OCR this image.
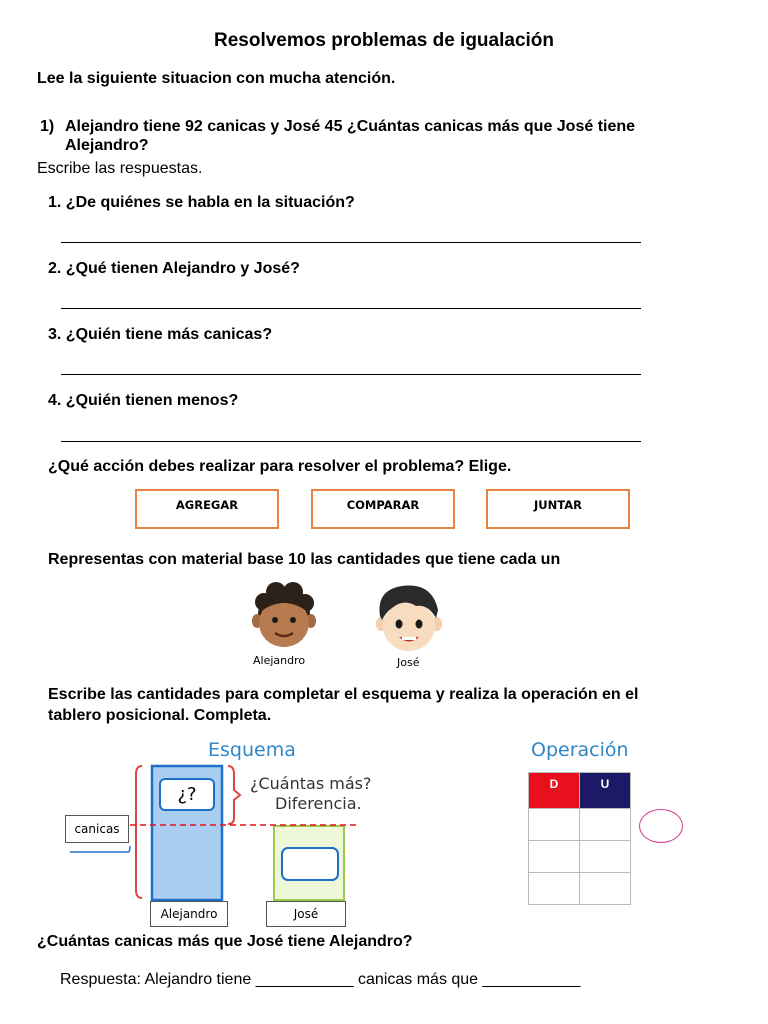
Resolvemos problemas de igualación
Lee la siguiente situacion con mucha atención.
1) Alejandro tiene 92 canicas y José 45 ¿Cuántas canicas más que José tiene
Alejandro?
Escribe las respuestas.
1. ¿De quiénes se habla en la situación?
2. ¿Qué tienen Alejandro y José?
3. ¿Quién tiene más canicas?
4. ¿Quién tienen menos?
¿Qué acción debes realizar para resolver el problema? Elige.
AGREGAR	COMPARAR	JUNTAR
Representas con material base 10 las cantidades que tiene cada un
Alejandro	José
Escribe las cantidades para completar el esquema y realiza la operación en el
tablero posicional. Completa.
Esquema
¿?
¿Cuántas más?
Diferencia.
canicas
Alejandro	José
Operación
D	U

¿Cuántas canicas más que José tiene Alejandro?
Respuesta: Alejandro tiene ___________ canicas más que ___________
